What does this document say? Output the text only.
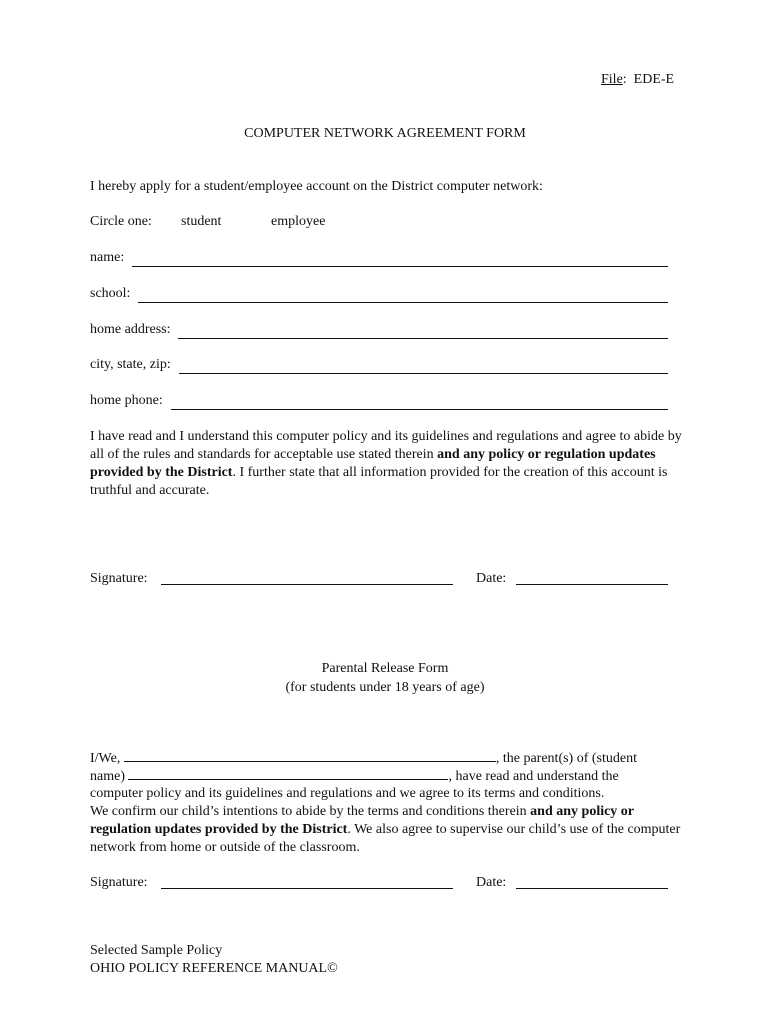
File:  EDE-E
COMPUTER NETWORK AGREEMENT FORM
I hereby apply for a student/employee account on the District computer network:
Circle one: student	employee
name:
school:
home address:
city, state, zip:
home phone:
I have read and I understand this computer policy and its guidelines and regulations and agree to abide by all of the rules and standards for acceptable use stated therein and any policy or regulation updates provided by the District. I further state that all information provided for the creation of this account is truthful and accurate.
Signature:	Date:
Parental Release Form
(for students under 18 years of age)
I/We,	, the parent(s) of (student
name)	, have read and understand the
computer policy and its guidelines and regulations and we agree to its terms and conditions.
We confirm our child’s intentions to abide by the terms and conditions therein and any policy or regulation updates provided by the District. We also agree to supervise our child’s use of the computer network from home or outside of the classroom.
Signature:	Date:
Selected Sample Policy
OHIO POLICY REFERENCE MANUAL©
